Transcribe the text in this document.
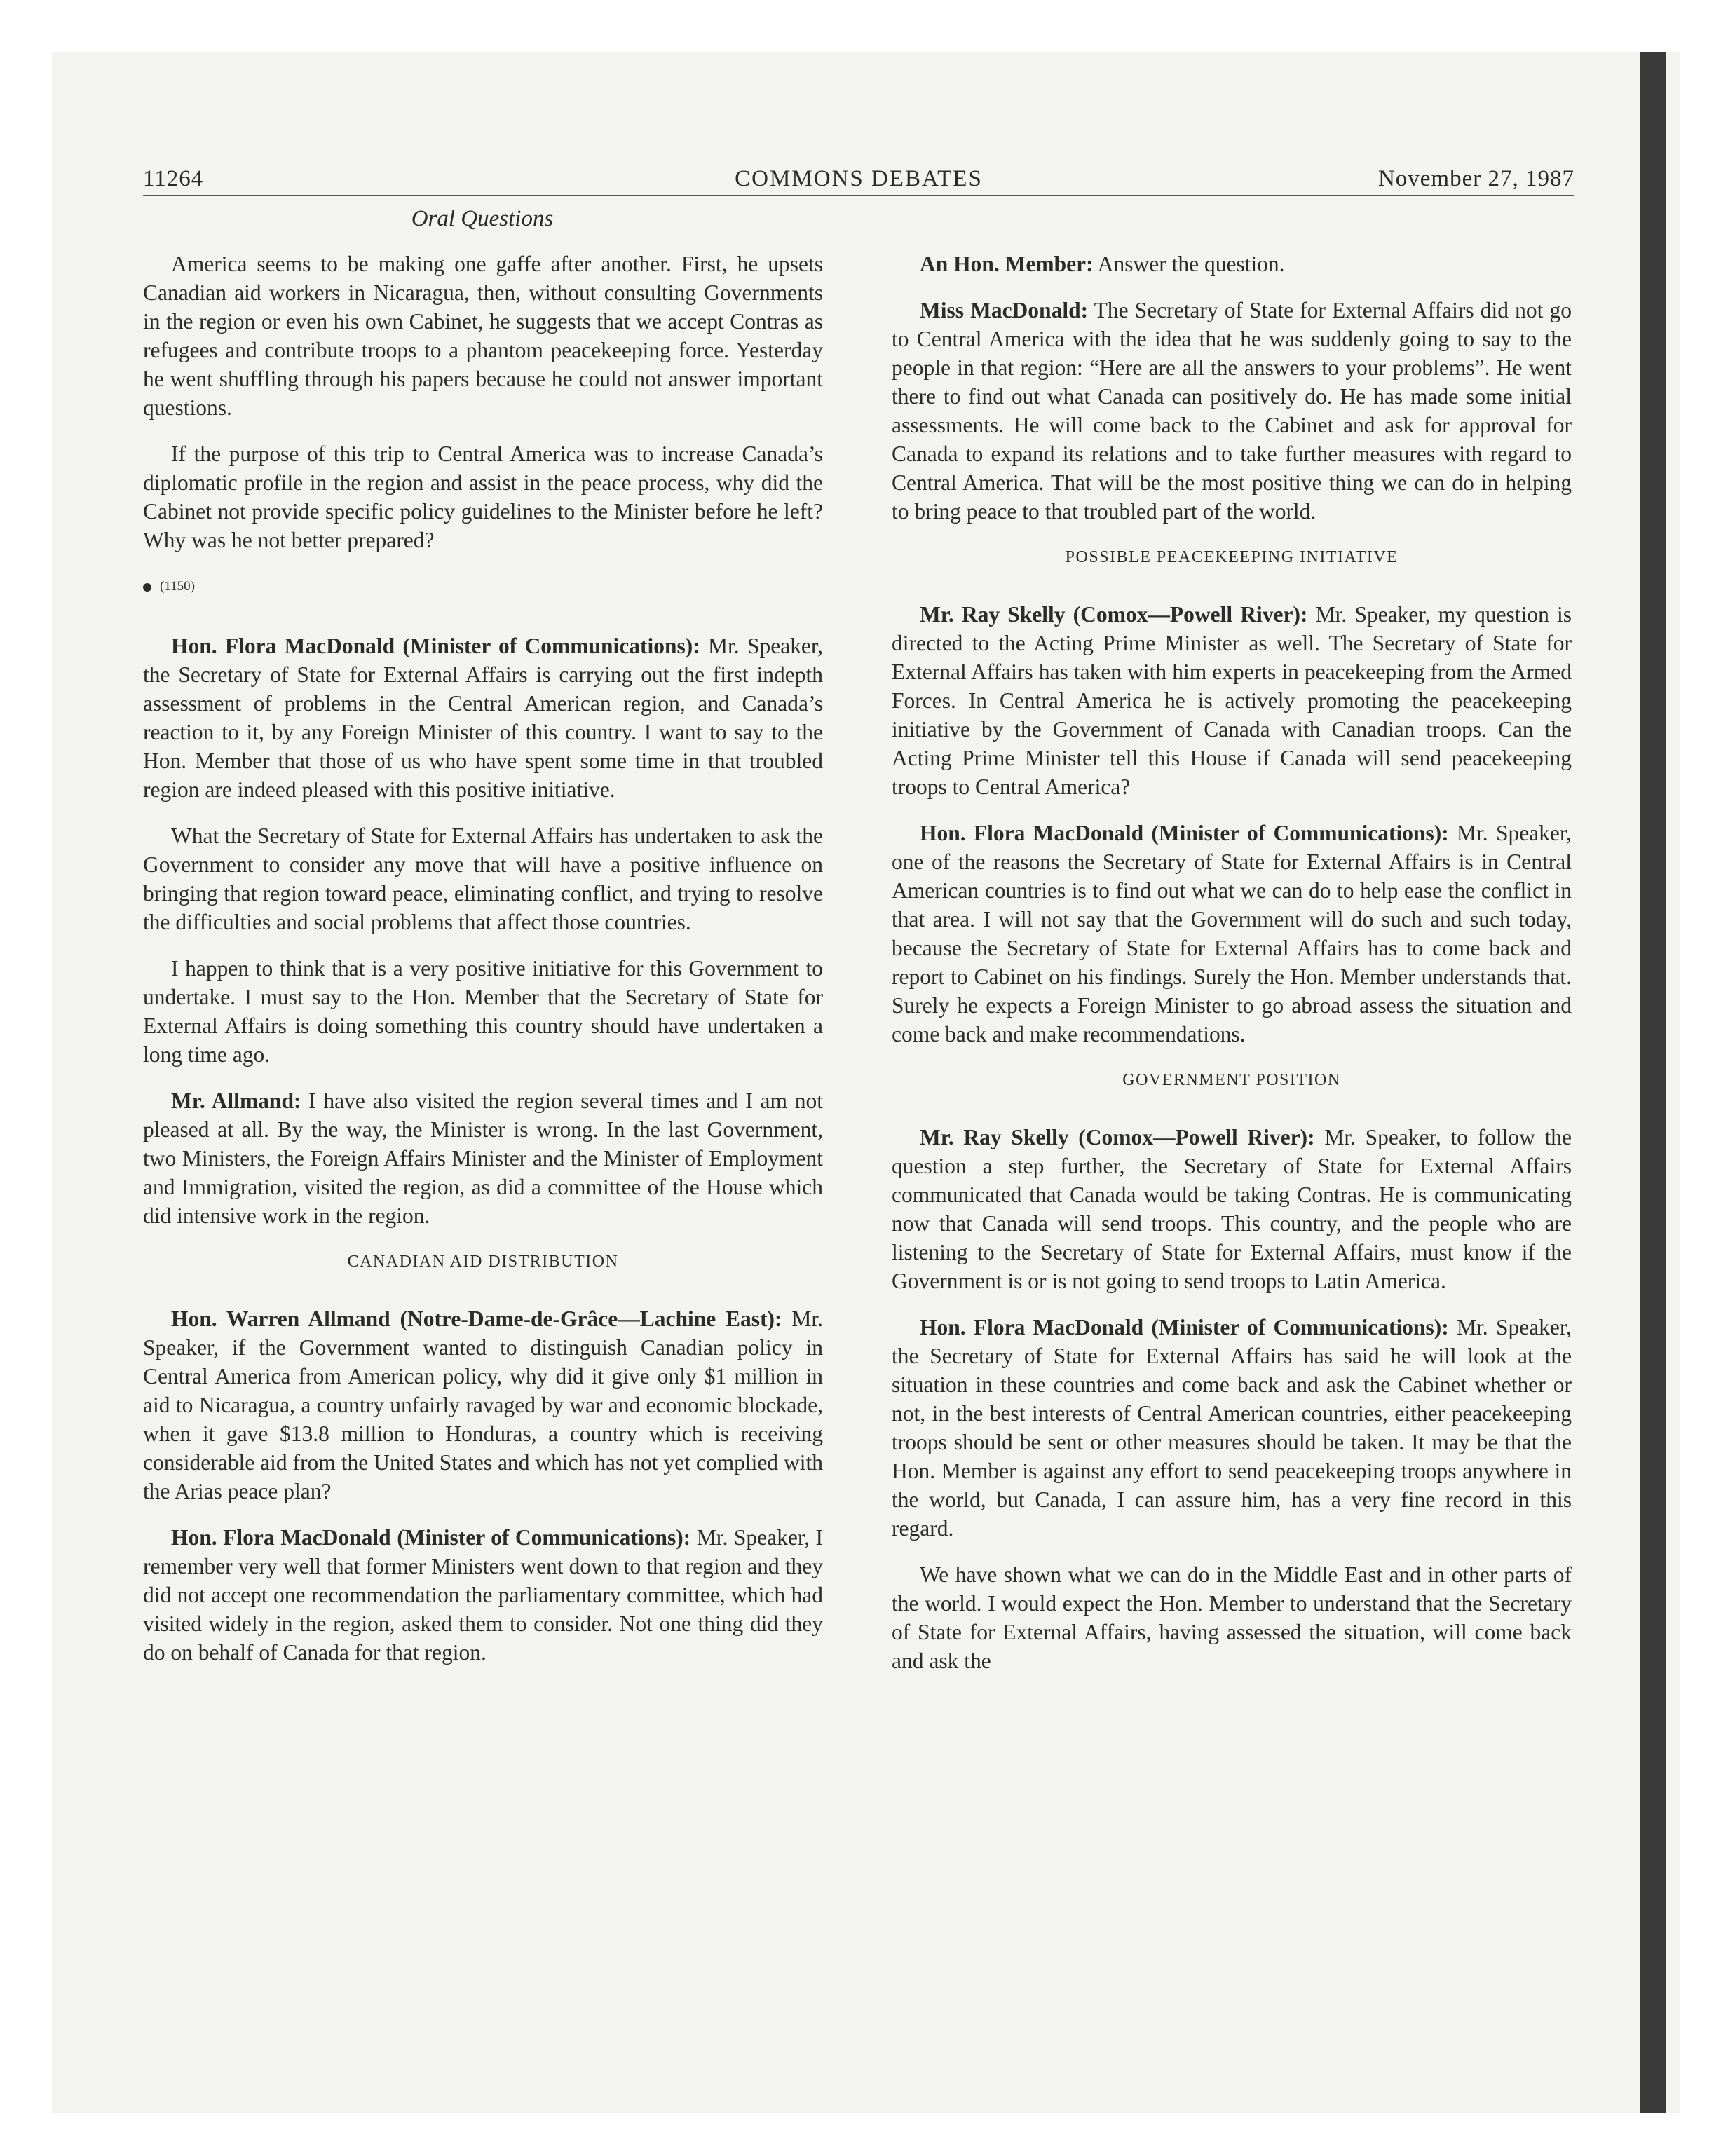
11264	COMMONS DEBATES	November 27, 1987
Oral Questions

America seems to be making one gaffe after another. First, he upsets Canadian aid workers in Nicaragua, then, without consulting Governments in the region or even his own Cabinet, he suggests that we accept Contras as refugees and contribute troops to a phantom peacekeeping force. Yesterday he went shuffling through his papers because he could not answer important questions.

If the purpose of this trip to Central America was to increase Canada’s diplomatic profile in the region and assist in the peace process, why did the Cabinet not provide specific policy guidelines to the Minister before he left? Why was he not better prepared?

(1150)

Hon. Flora MacDonald (Minister of Communications): Mr. Speaker, the Secretary of State for External Affairs is carrying out the first indepth assessment of problems in the Central American region, and Canada’s reaction to it, by any Foreign Minister of this country. I want to say to the Hon. Member that those of us who have spent some time in that troubled region are indeed pleased with this positive initiative.

What the Secretary of State for External Affairs has undertaken to ask the Government to consider any move that will have a positive influence on bringing that region toward peace, eliminating conflict, and trying to resolve the difficulties and social problems that affect those countries.

I happen to think that is a very positive initiative for this Government to undertake. I must say to the Hon. Member that the Secretary of State for External Affairs is doing something this country should have undertaken a long time ago.

Mr. Allmand: I have also visited the region several times and I am not pleased at all. By the way, the Minister is wrong. In the last Government, two Ministers, the Foreign Affairs Minister and the Minister of Employment and Immigration, visited the region, as did a committee of the House which did intensive work in the region.

CANADIAN AID DISTRIBUTION

Hon. Warren Allmand (Notre-Dame-de-Grâce—Lachine East): Mr. Speaker, if the Government wanted to distinguish Canadian policy in Central America from American policy, why did it give only $1 million in aid to Nicaragua, a country unfairly ravaged by war and economic blockade, when it gave $13.8 million to Honduras, a country which is receiving considerable aid from the United States and which has not yet complied with the Arias peace plan?

Hon. Flora MacDonald (Minister of Communications): Mr. Speaker, I remember very well that former Ministers went down to that region and they did not accept one recommendation the parliamentary committee, which had visited widely in the region, asked them to consider. Not one thing did they do on behalf of Canada for that region.

An Hon. Member: Answer the question.

Miss MacDonald: The Secretary of State for External Affairs did not go to Central America with the idea that he was suddenly going to say to the people in that region: “Here are all the answers to your problems”. He went there to find out what Canada can positively do. He has made some initial assessments. He will come back to the Cabinet and ask for approval for Canada to expand its relations and to take further measures with regard to Central America. That will be the most positive thing we can do in helping to bring peace to that troubled part of the world.

POSSIBLE PEACEKEEPING INITIATIVE

Mr. Ray Skelly (Comox—Powell River): Mr. Speaker, my question is directed to the Acting Prime Minister as well. The Secretary of State for External Affairs has taken with him experts in peacekeeping from the Armed Forces. In Central America he is actively promoting the peacekeeping initiative by the Government of Canada with Canadian troops. Can the Acting Prime Minister tell this House if Canada will send peacekeeping troops to Central America?

Hon. Flora MacDonald (Minister of Communications): Mr. Speaker, one of the reasons the Secretary of State for External Affairs is in Central American countries is to find out what we can do to help ease the conflict in that area. I will not say that the Government will do such and such today, because the Secretary of State for External Affairs has to come back and report to Cabinet on his findings. Surely the Hon. Member understands that. Surely he expects a Foreign Minister to go abroad assess the situation and come back and make recommendations.

GOVERNMENT POSITION

Mr. Ray Skelly (Comox—Powell River): Mr. Speaker, to follow the question a step further, the Secretary of State for External Affairs communicated that Canada would be taking Contras. He is communicating now that Canada will send troops. This country, and the people who are listening to the Secretary of State for External Affairs, must know if the Government is or is not going to send troops to Latin America.

Hon. Flora MacDonald (Minister of Communications): Mr. Speaker, the Secretary of State for External Affairs has said he will look at the situation in these countries and come back and ask the Cabinet whether or not, in the best interests of Central American countries, either peacekeeping troops should be sent or other measures should be taken. It may be that the Hon. Member is against any effort to send peacekeeping troops anywhere in the world, but Canada, I can assure him, has a very fine record in this regard.

We have shown what we can do in the Middle East and in other parts of the world. I would expect the Hon. Member to understand that the Secretary of State for External Affairs, having assessed the situation, will come back and ask the
